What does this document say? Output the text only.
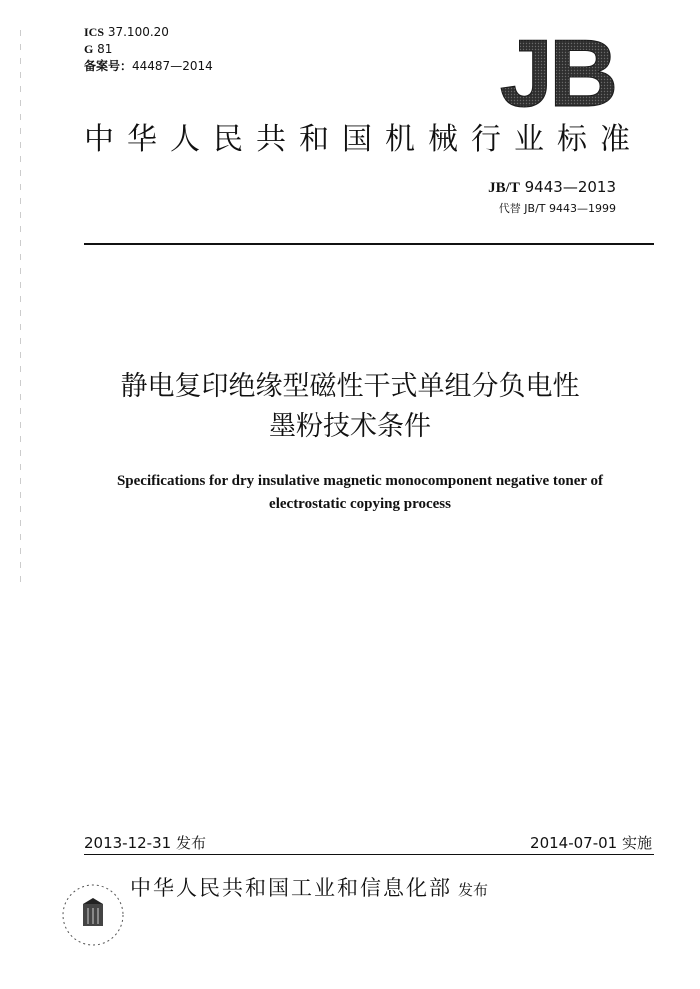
ICS 37.100.20
G 81
备案号：44487—2014	JB
中华人民共和国机械行业标准
JB/T 9443—2013
代替 JB/T 9443—1999
静电复印绝缘型磁性干式单组分负电性
墨粉技术条件
Specifications for dry insulative magnetic monocomponent negative toner of
electrostatic copying process
2013-12-31 发布	2014-07-01 实施
中华人民共和国工业和信息化部 发布
